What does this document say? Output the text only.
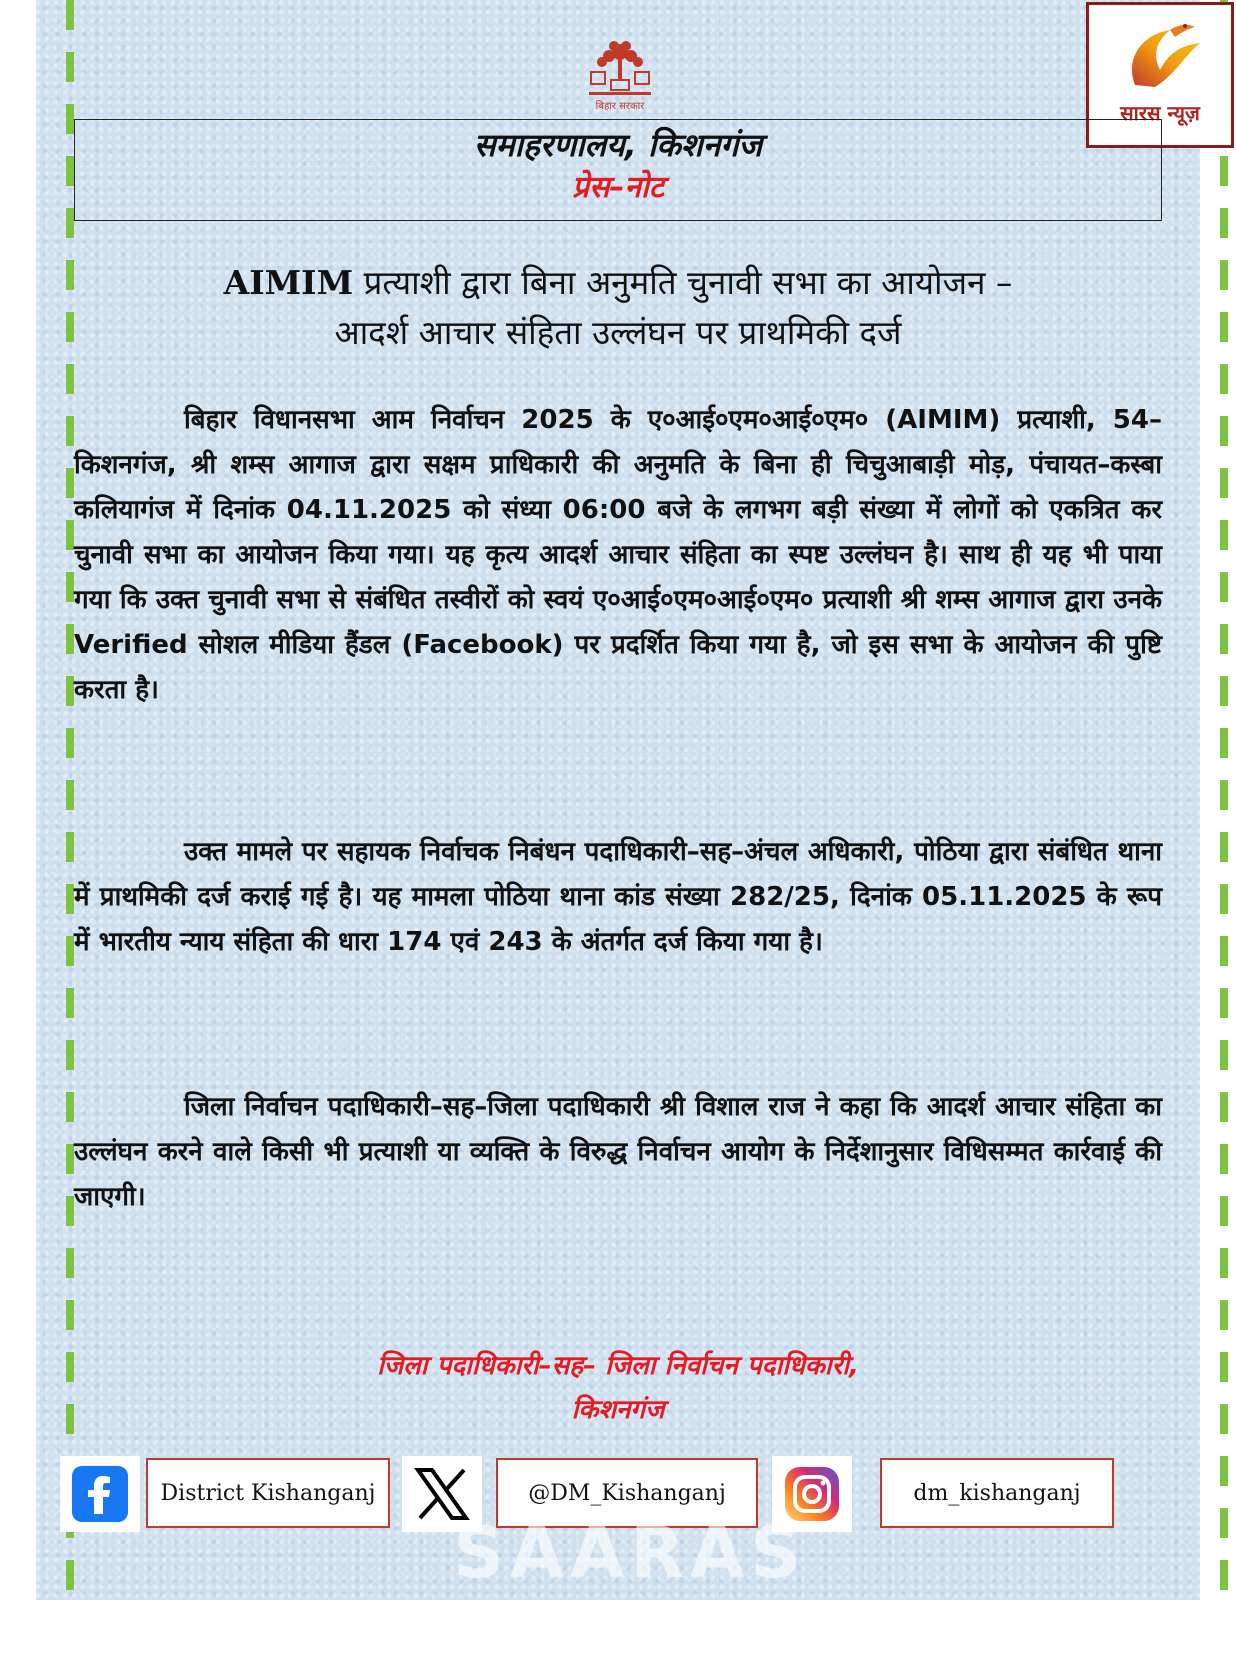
बिहार सरकार	सारस न्यूज़
समाहरणालय, किशनगंज
प्रेस–नोट
AIMIM प्रत्याशी द्वारा बिना अनुमति चुनावी सभा का आयोजन –
आदर्श आचार संहिता उल्लंघन पर प्राथमिकी दर्ज

बिहार विधानसभा आम निर्वाचन 2025 के ए०आई०एम०आई०एम० (AIMIM) प्रत्याशी, 54–किशनगंज, श्री शम्स आगाज द्वारा सक्षम प्राधिकारी की अनुमति के बिना ही चिचुआबाड़ी मोड़, पंचायत–कस्बा कलियागंज में दिनांक 04.11.2025 को संध्या 06:00 बजे के लगभग बड़ी संख्या में लोगों को एकत्रित कर चुनावी सभा का आयोजन किया गया। यह कृत्य आदर्श आचार संहिता का स्पष्ट उल्लंघन है। साथ ही यह भी पाया गया कि उक्त चुनावी सभा से संबंधित तस्वीरों को स्वयं ए०आई०एम०आई०एम० प्रत्याशी श्री शम्स आगाज द्वारा उनके Verified सोशल मीडिया हैंडल (Facebook) पर प्रदर्शित किया गया है, जो इस सभा के आयोजन की पुष्टि करता है।

उक्त मामले पर सहायक निर्वाचक निबंधन पदाधिकारी–सह–अंचल अधिकारी, पोठिया द्वारा संबंधित थाना में प्राथमिकी दर्ज कराई गई है। यह मामला पोठिया थाना कांड संख्या 282/25, दिनांक 05.11.2025 के रूप में भारतीय न्याय संहिता की धारा 174 एवं 243 के अंतर्गत दर्ज किया गया है।

जिला निर्वाचन पदाधिकारी–सह–जिला पदाधिकारी श्री विशाल राज ने कहा कि आदर्श आचार संहिता का उल्लंघन करने वाले किसी भी प्रत्याशी या व्यक्ति के विरुद्ध निर्वाचन आयोग के निर्देशानुसार विधिसम्मत कार्रवाई की जाएगी।

जिला पदाधिकारी–सह– जिला निर्वाचन पदाधिकारी,
किशनगंज
District Kishanganj	@DM_Kishanganj	dm_kishanganj
SAARAS NEWS
